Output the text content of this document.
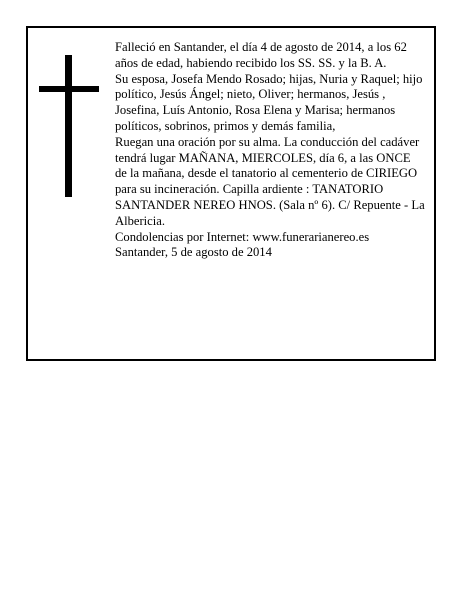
Falleció en Santander, el día 4 de agosto de 2014, a los 62 años de edad, habiendo recibido los SS. SS. y la B. A.

Su esposa, Josefa Mendo Rosado; hijas, Nuria y Raquel; hijo político, Jesús Ángel; nieto, Oliver; hermanos, Jesús , Josefina, Luís Antonio, Rosa Elena y Marisa; hermanos políticos, sobrinos, primos y demás familia,

Ruegan una oración por su alma. La conducción del cadáver tendrá lugar MAÑANA, MIERCOLES, día 6, a las ONCE de la mañana, desde el tanatorio al cementerio de CIRIEGO para su incineración. Capilla ardiente : TANATORIO SANTANDER NEREO HNOS. (Sala nº 6). C/ Repuente - La Albericia.

Condolencias por Internet: www.funerarianereo.es

Santander, 5 de agosto de 2014
